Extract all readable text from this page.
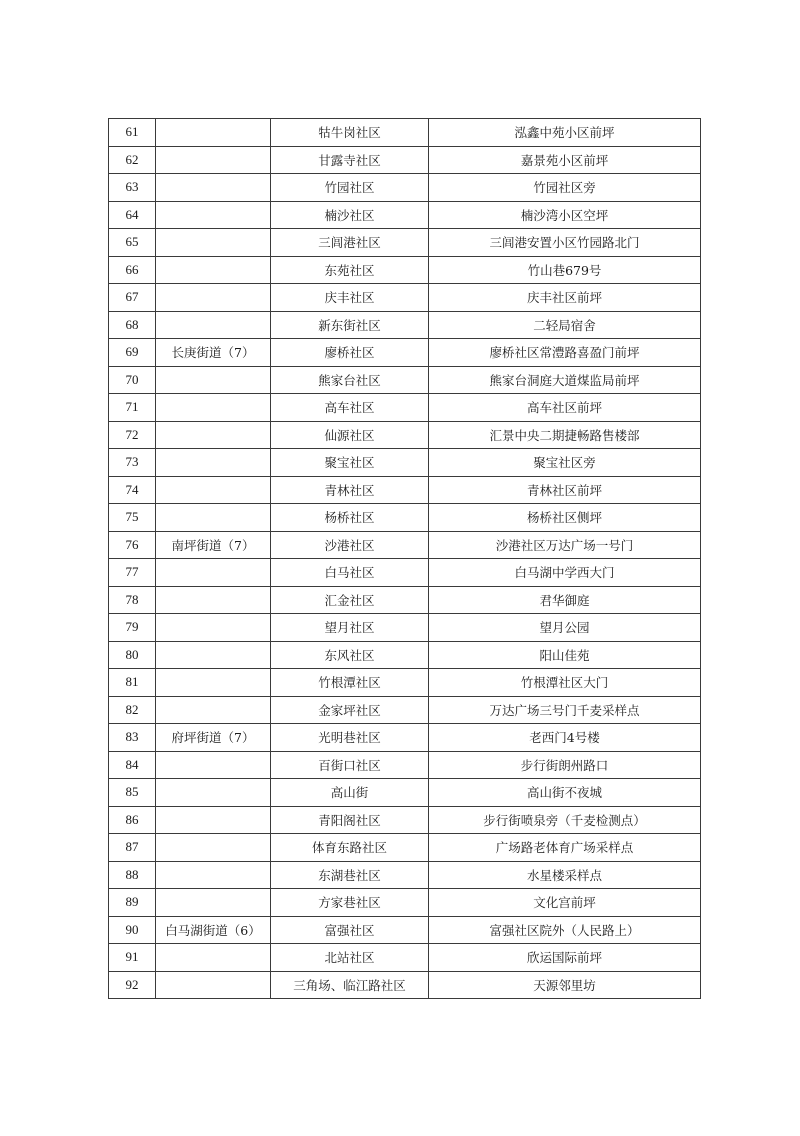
61		牯牛岗社区	泓鑫中苑小区前坪
62		甘露寺社区	嘉景苑小区前坪
63		竹园社区	竹园社区旁
64		楠沙社区	楠沙湾小区空坪
65		三闾港社区	三闾港安置小区竹园路北门
66		东苑社区	竹山巷679号
67		庆丰社区	庆丰社区前坪
68		新东街社区	二轻局宿舍
69	长庚街道（7）	廖桥社区	廖桥社区常澧路喜盈门前坪
70		熊家台社区	熊家台洞庭大道煤监局前坪
71		高车社区	高车社区前坪
72		仙源社区	汇景中央二期捷畅路售楼部
73		聚宝社区	聚宝社区旁
74		青林社区	青林社区前坪
75		杨桥社区	杨桥社区侧坪
76	南坪街道（7）	沙港社区	沙港社区万达广场一号门
77		白马社区	白马湖中学西大门
78		汇金社区	君华御庭
79		望月社区	望月公园
80		东风社区	阳山佳苑
81		竹根潭社区	竹根潭社区大门
82		金家坪社区	万达广场三号门千麦采样点
83	府坪街道（7）	光明巷社区	老西门4号楼
84		百街口社区	步行街朗州路口
85		高山街	高山街不夜城
86		青阳阁社区	步行街喷泉旁（千麦检测点）
87		体育东路社区	广场路老体育广场采样点
88		东湖巷社区	水星楼采样点
89		方家巷社区	文化宫前坪
90	白马湖街道（6）	富强社区	富强社区院外（人民路上）
91		北站社区	欣运国际前坪
92		三角场、临江路社区	天源邻里坊
